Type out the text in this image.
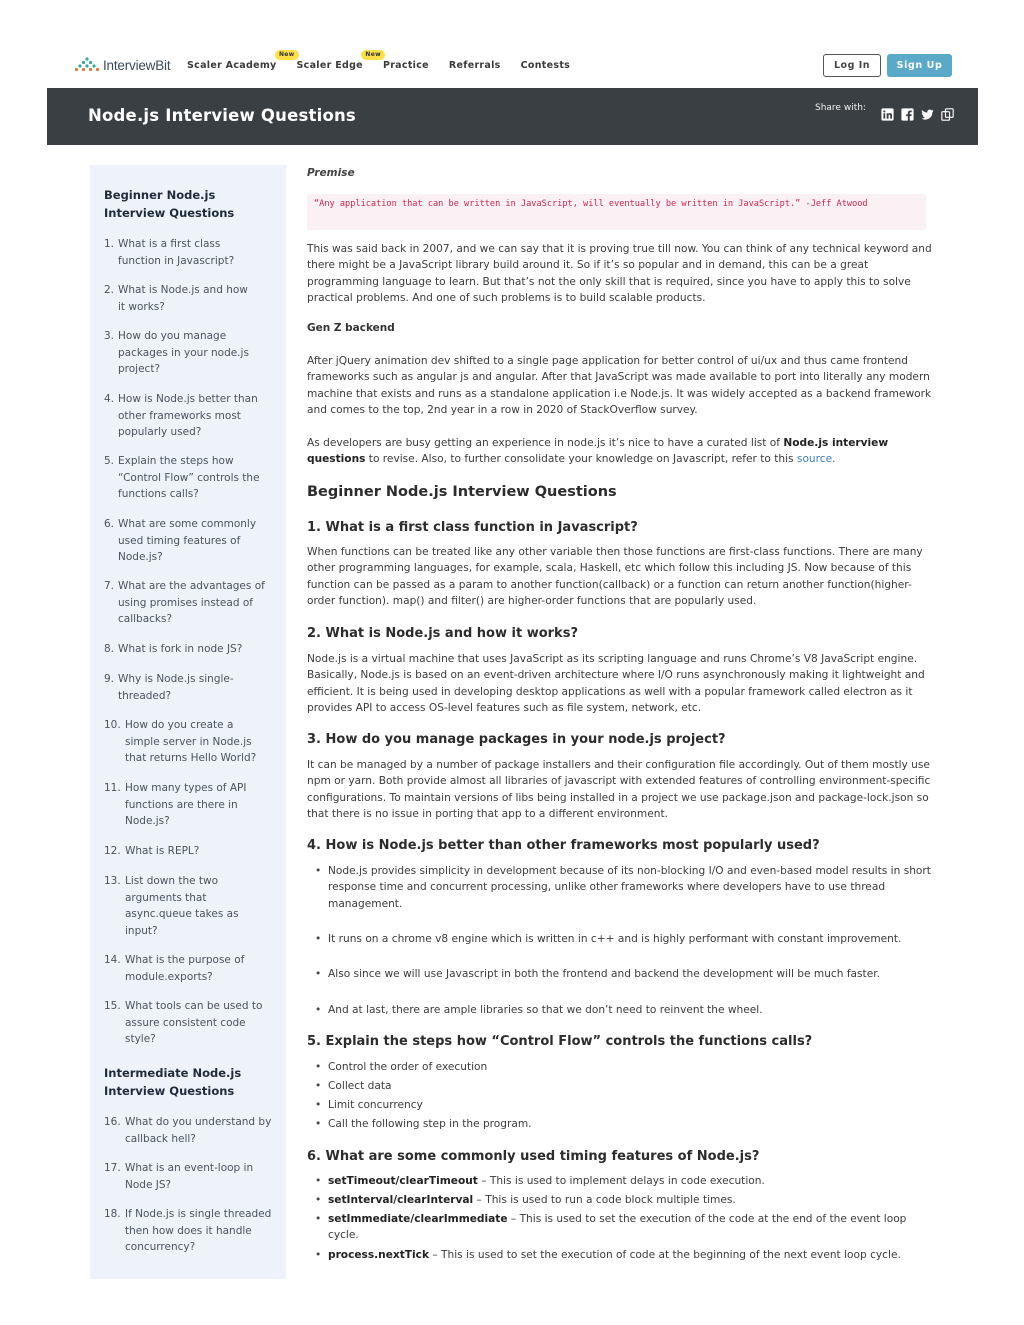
InterviewBit Scaler Academy
New
Scaler Edge
New
Practice Referrals Contests	Log In	Sign Up
Node.js Interview Questions	Share with:
Beginner Node.js Interview Questions
1. What is a first class function in Javascript?
2. What is Node.js and how it works?
3. How do you manage packages in your node.js project?
4. How is Node.js better than other frameworks most popularly used?
5. Explain the steps how “Control Flow” controls the functions calls?
6. What are some commonly used timing features of Node.js?
7. What are the advantages of using promises instead of callbacks?
8. What is fork in node JS?
9. Why is Node.js single-threaded?
10. How do you create a simple server in Node.js that returns Hello World?
11. How many types of API functions are there in Node.js?
12. What is REPL?
13. List down the two arguments that async.queue takes as input?
14. What is the purpose of module.exports?
15. What tools can be used to assure consistent code style?
Intermediate Node.js Interview Questions
16. What do you understand by callback hell?
17. What is an event-loop in Node JS?
18. If Node.js is single threaded then how does it handle concurrency?
Premise
“Any application that can be written in JavaScript, will eventually be written in JavaScript.” -Jeff Atwood
This was said back in 2007, and we can say that it is proving true till now. You can think of any technical keyword and there might be a JavaScript library build around it. So if it’s so popular and in demand, this can be a great programming language to learn. But that’s not the only skill that is required, since you have to apply this to solve practical problems. And one of such problems is to build scalable products.
Gen Z backend
After jQuery animation dev shifted to a single page application for better control of ui/ux and thus came frontend frameworks such as angular js and angular. After that JavaScript was made available to port into literally any modern machine that exists and runs as a standalone application i.e Node.js. It was widely accepted as a backend framework and comes to the top, 2nd year in a row in 2020 of StackOverflow survey.
As developers are busy getting an experience in node.js it’s nice to have a curated list of Node.js interview questions to revise. Also, to further consolidate your knowledge on Javascript, refer to this source.
Beginner Node.js Interview Questions
1. What is a first class function in Javascript?
When functions can be treated like any other variable then those functions are first-class functions. There are many other programming languages, for example, scala, Haskell, etc which follow this including JS. Now because of this function can be passed as a param to another function(callback) or a function can return another function(higher-order function). map() and filter() are higher-order functions that are popularly used.
2. What is Node.js and how it works?
Node.js is a virtual machine that uses JavaScript as its scripting language and runs Chrome’s V8 JavaScript engine. Basically, Node.js is based on an event-driven architecture where I/O runs asynchronously making it lightweight and efficient. It is being used in developing desktop applications as well with a popular framework called electron as it provides API to access OS-level features such as file system, network, etc.
3. How do you manage packages in your node.js project?
It can be managed by a number of package installers and their configuration file accordingly. Out of them mostly use npm or yarn. Both provide almost all libraries of javascript with extended features of controlling environment-specific configurations. To maintain versions of libs being installed in a project we use package.json and package-lock.json so that there is no issue in porting that app to a different environment.
4. How is Node.js better than other frameworks most popularly used?
• Node.js provides simplicity in development because of its non-blocking I/O and even-based model results in short response time and concurrent processing, unlike other frameworks where developers have to use thread management.
• It runs on a chrome v8 engine which is written in c++ and is highly performant with constant improvement.
• Also since we will use Javascript in both the frontend and backend the development will be much faster.
• And at last, there are ample libraries so that we don’t need to reinvent the wheel.
5. Explain the steps how “Control Flow” controls the functions calls?
• Control the order of execution
• Collect data
• Limit concurrency
• Call the following step in the program.
6. What are some commonly used timing features of Node.js?
• setTimeout/clearTimeout – This is used to implement delays in code execution.
• setInterval/clearInterval – This is used to run a code block multiple times.
• setImmediate/clearImmediate – This is used to set the execution of the code at the end of the event loop cycle.
• process.nextTick – This is used to set the execution of code at the beginning of the next event loop cycle.
